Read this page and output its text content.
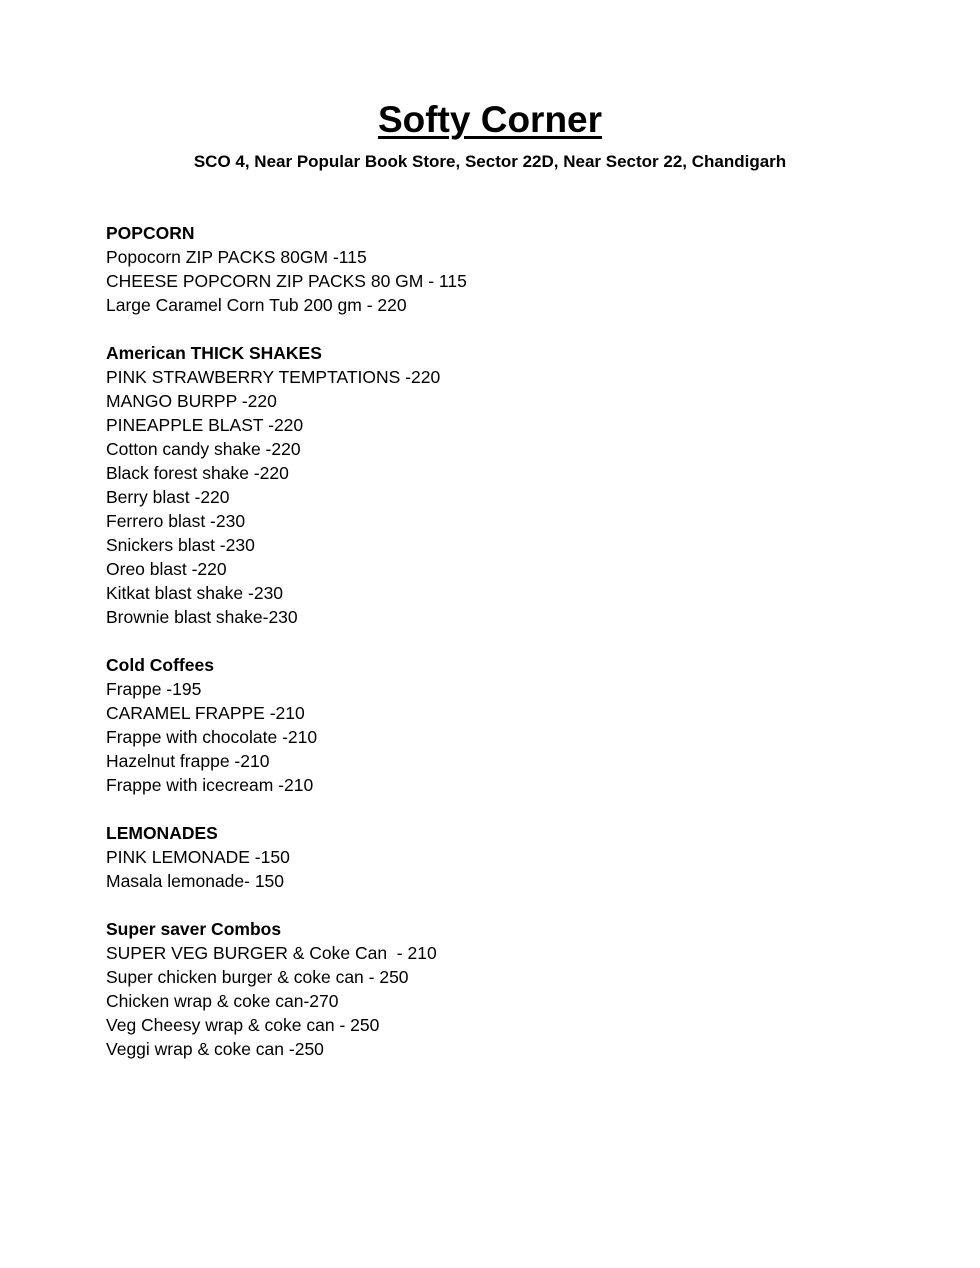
Softy Corner

SCO 4, Near Popular Book Store, Sector 22D, Near Sector 22, Chandigarh

POPCORN

Popocorn ZIP PACKS 80GM -115
CHEESE POPCORN ZIP PACKS 80 GM - 115
Large Caramel Corn Tub 200 gm - 220

American THICK SHAKES

PINK STRAWBERRY TEMPTATIONS -220
MANGO BURPP -220
PINEAPPLE BLAST -220
Cotton candy shake -220
Black forest shake -220
Berry blast -220
Ferrero blast -230
Snickers blast -230
Oreo blast -220
Kitkat blast shake -230
Brownie blast shake-230

Cold Coffees

Frappe -195
CARAMEL FRAPPE -210
Frappe with chocolate -210
Hazelnut frappe -210
Frappe with icecream -210

LEMONADES

PINK LEMONADE -150
Masala lemonade- 150

Super saver Combos

SUPER VEG BURGER & Coke Can  - 210
Super chicken burger & coke can - 250
Chicken wrap & coke can-270
Veg Cheesy wrap & coke can - 250
Veggi wrap & coke can -250
